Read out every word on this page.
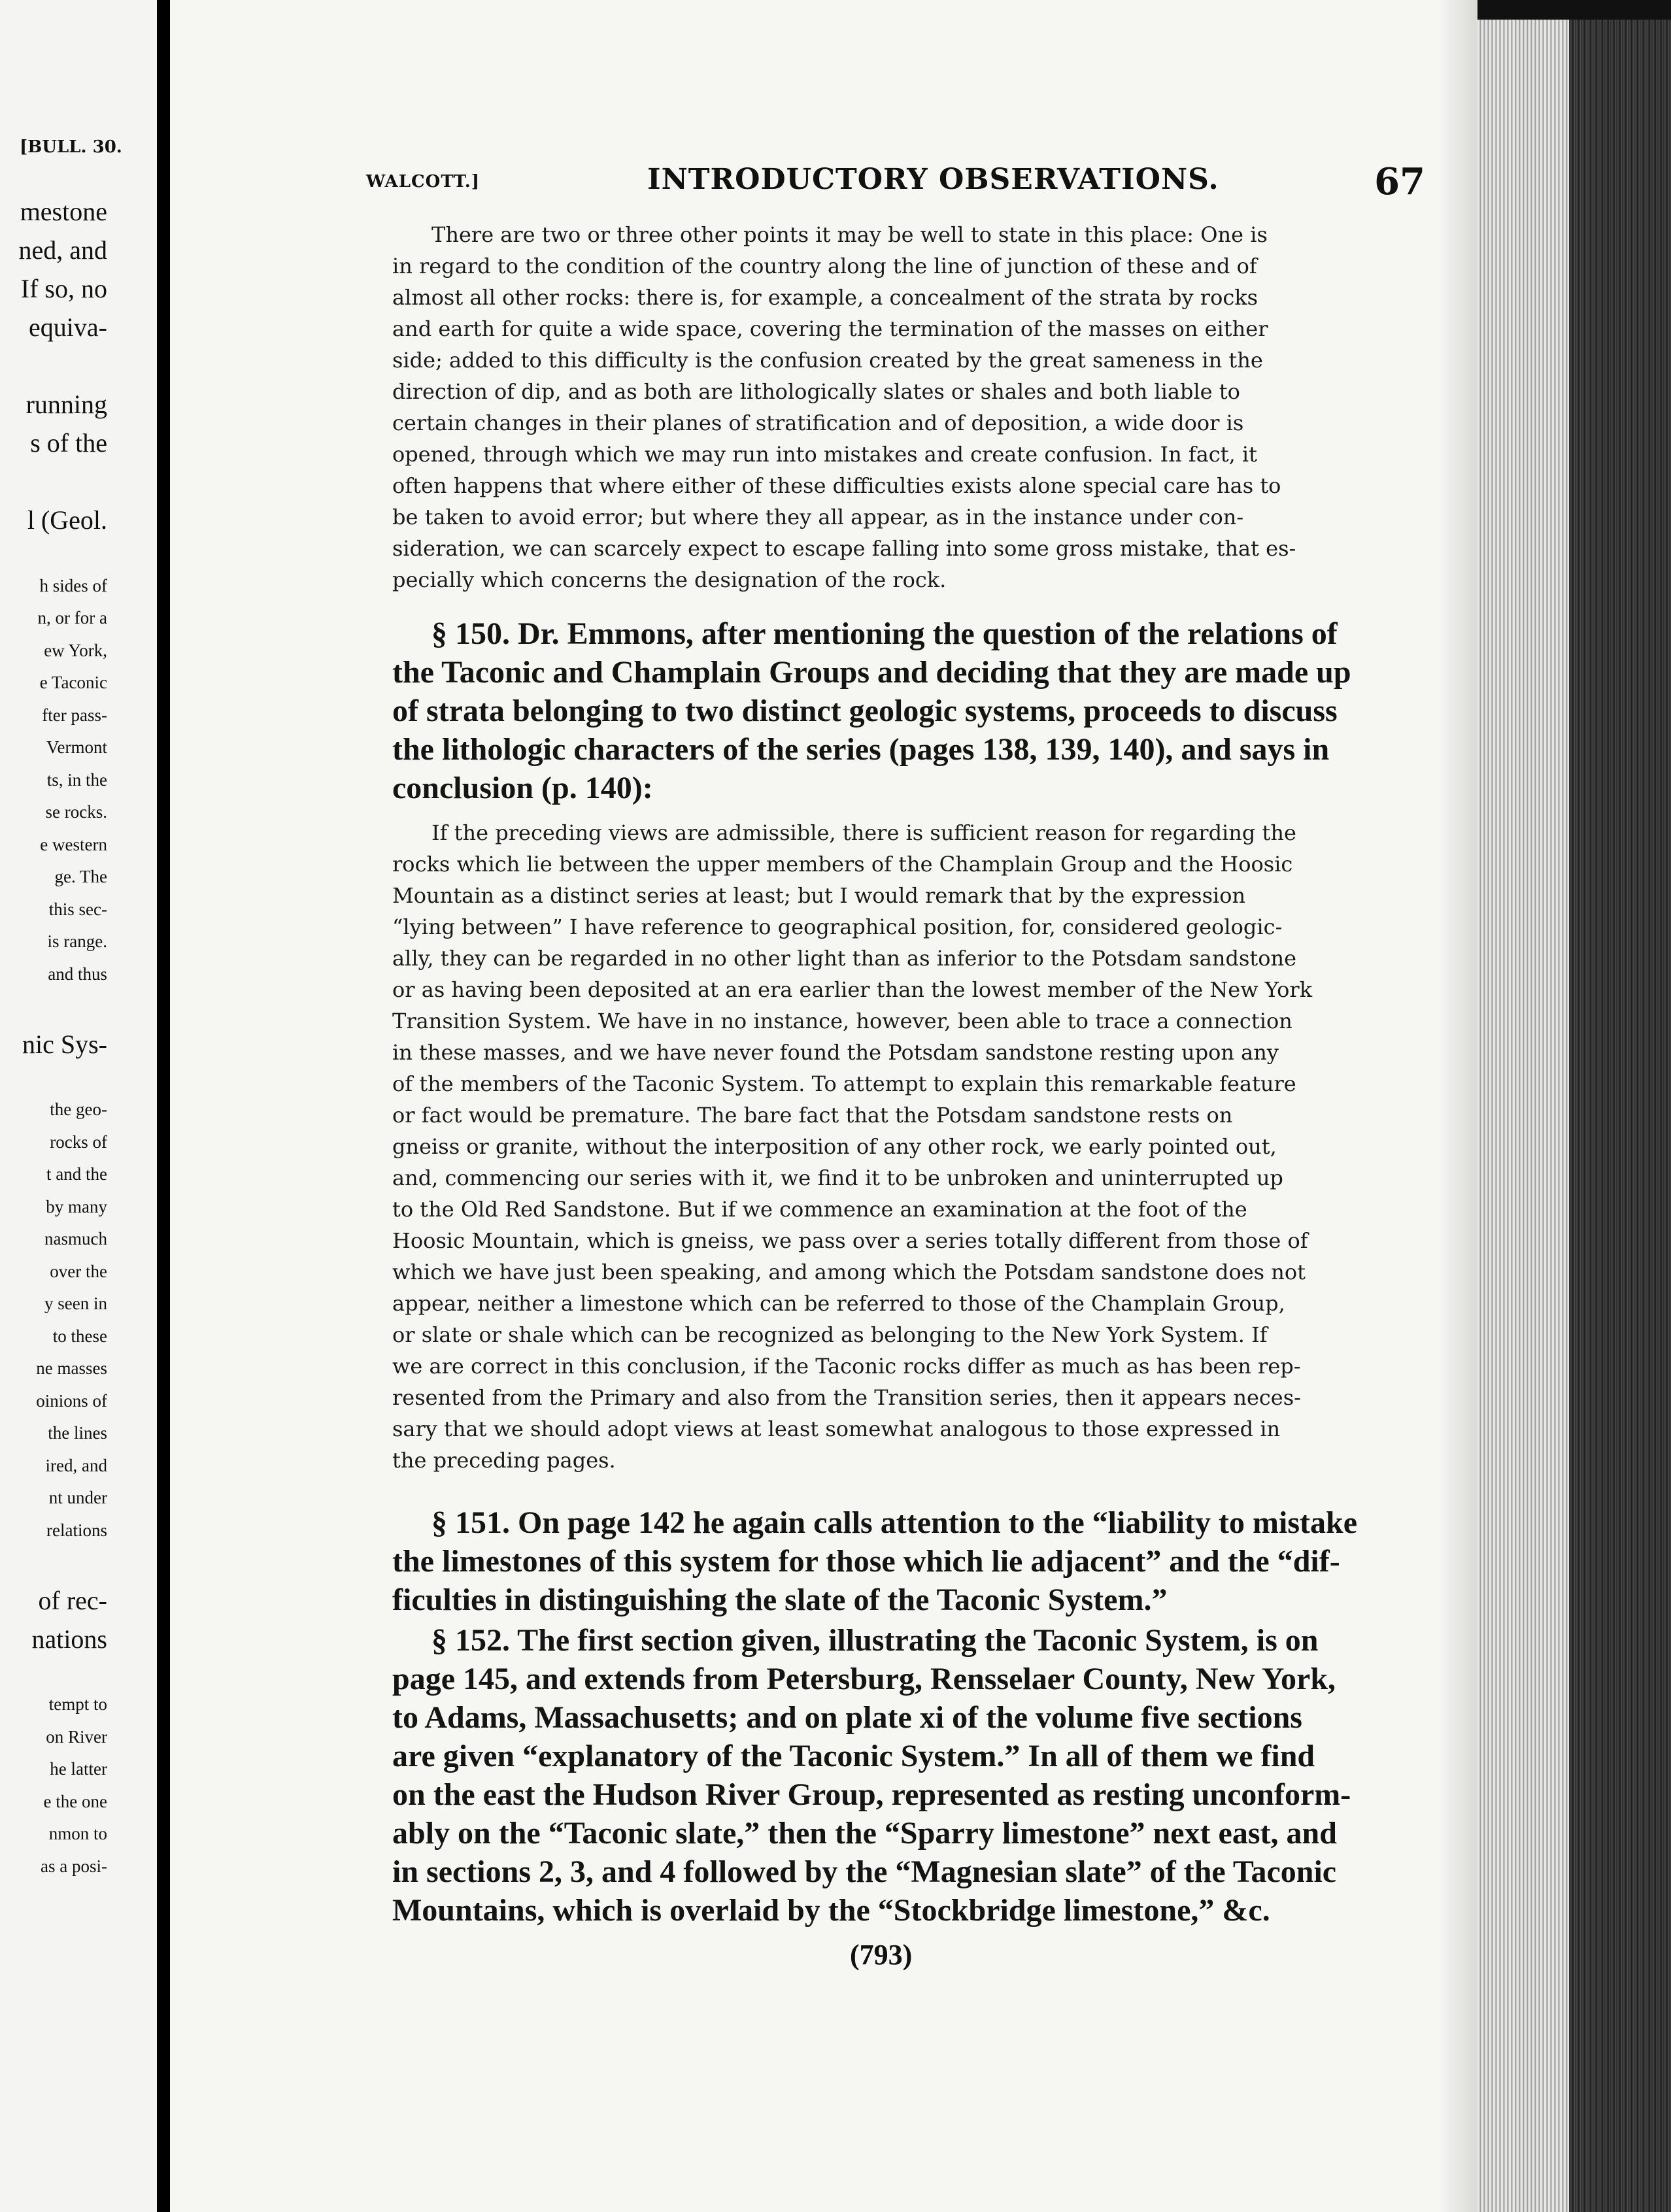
[BULL. 30.
mestone
ned, and
If so, no
equiva-
running
s of the
l (Geol.
h sides of
n, or for a
ew York,
e Taconic
fter pass-
Vermont
ts, in the
se rocks.
e western
ge. The
this sec-
is range.
and thus
nic Sys-
the geo-
rocks of
t and the
by many
nasmuch
over the
y seen in
to these
ne masses
oinions of
the lines
ired, and
nt under
relations
of rec-
nations
tempt to
on River
he latter
e the one
nmon to
as a posi-
WALCOTT.]	INTRODUCTORY OBSERVATIONS.	67
There are two or three other points it may be well to state in this place: One is
in regard to the condition of the country along the line of junction of these and of
almost all other rocks: there is, for example, a concealment of the strata by rocks
and earth for quite a wide space, covering the termination of the masses on either
side; added to this difficulty is the confusion created by the great sameness in the
direction of dip, and as both are lithologically slates or shales and both liable to
certain changes in their planes of stratification and of deposition, a wide door is
opened, through which we may run into mistakes and create confusion. In fact, it
often happens that where either of these difficulties exists alone special care has to
be taken to avoid error; but where they all appear, as in the instance under con-
sideration, we can scarcely expect to escape falling into some gross mistake, that es-
pecially which concerns the designation of the rock.
§ 150. Dr. Emmons, after mentioning the question of the relations of
the Taconic and Champlain Groups and deciding that they are made up
of strata belonging to two distinct geologic systems, proceeds to discuss
the lithologic characters of the series (pages 138, 139, 140), and says in
conclusion (p. 140):
If the preceding views are admissible, there is sufficient reason for regarding the
rocks which lie between the upper members of the Champlain Group and the Hoosic
Mountain as a distinct series at least; but I would remark that by the expression
“lying between” I have reference to geographical position, for, considered geologic-
ally, they can be regarded in no other light than as inferior to the Potsdam sandstone
or as having been deposited at an era earlier than the lowest member of the New York
Transition System. We have in no instance, however, been able to trace a connection
in these masses, and we have never found the Potsdam sandstone resting upon any
of the members of the Taconic System. To attempt to explain this remarkable feature
or fact would be premature. The bare fact that the Potsdam sandstone rests on
gneiss or granite, without the interposition of any other rock, we early pointed out,
and, commencing our series with it, we find it to be unbroken and uninterrupted up
to the Old Red Sandstone. But if we commence an examination at the foot of the
Hoosic Mountain, which is gneiss, we pass over a series totally different from those of
which we have just been speaking, and among which the Potsdam sandstone does not
appear, neither a limestone which can be referred to those of the Champlain Group,
or slate or shale which can be recognized as belonging to the New York System. If
we are correct in this conclusion, if the Taconic rocks differ as much as has been rep-
resented from the Primary and also from the Transition series, then it appears neces-
sary that we should adopt views at least somewhat analogous to those expressed in
the preceding pages.
§ 151. On page 142 he again calls attention to the “liability to mistake
the limestones of this system for those which lie adjacent” and the “dif-
ficulties in distinguishing the slate of the Taconic System.”
§ 152. The first section given, illustrating the Taconic System, is on
page 145, and extends from Petersburg, Rensselaer County, New York,
to Adams, Massachusetts; and on plate xi of the volume five sections
are given “explanatory of the Taconic System.” In all of them we find
on the east the Hudson River Group, represented as resting unconform-
ably on the “Taconic slate,” then the “Sparry limestone” next east, and
in sections 2, 3, and 4 followed by the “Magnesian slate” of the Taconic
Mountains, which is overlaid by the “Stockbridge limestone,” &c.
(793)
